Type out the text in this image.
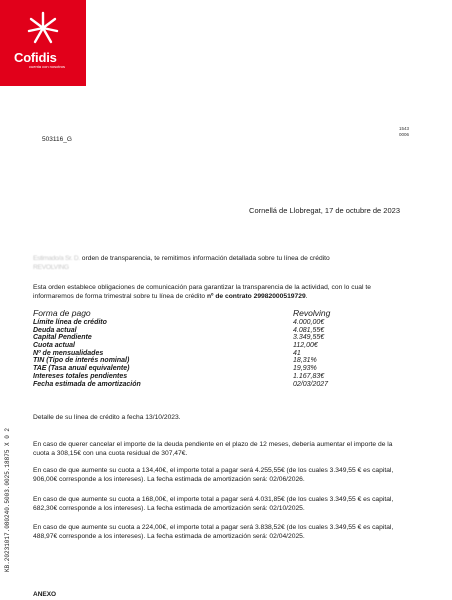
Cofidis
cuenta con nosotros
1543
0006
503116_G
Cornellá de Llobregat, 17 de octubre de 2023
Estimado/a Sr. D. orden de transparencia, te remitimos información detallada sobre tu línea de crédito
REVOLVING
Esta orden establece obligaciones de comunicación para garantizar la transparencia de la actividad, con lo cual te informaremos de forma trimestral sobre tu línea de crédito nº de contrato 29982000519729.
Forma de pago	Revolving
Límite línea de crédito	4.000,00€
Deuda actual	4.081,55€
Capital Pendiente	3.349,55€
Cuota actual	112,00€
Nº de mensualidades	41
TIN (Tipo de interés nominal)	18,31%
TAE (Tasa anual equivalente)	19,93%
Intereses totales pendientes	1.167,83€
Fecha estimada de amortización	02/03/2027
Detalle de su línea de crédito a fecha 13/10/2023.
En caso de querer cancelar el importe de la deuda pendiente en el plazo de 12 meses, debería aumentar el importe de la cuota a 308,15€ con una cuota residual de 307,47€.
En caso de que aumente su cuota a 134,40€, el importe total a pagar será 4.255,55€ (de los cuales 3.349,55 € es capital, 906,00€ corresponde a los intereses). La fecha estimada de amortización será: 02/06/2026.
En caso de que aumente su cuota a 168,00€, el importe total a pagar será 4.031,85€ (de los cuales 3.349,55 € es capital, 682,30€ corresponde a los intereses). La fecha estimada de amortización será: 02/10/2025.
En caso de que aumente su cuota a 224,00€, el importe total a pagar será 3.838,52€ (de los cuales 3.349,55 € es capital, 488,97€ corresponde a los intereses). La fecha estimada de amortización será: 02/04/2025.
KB.20231017.080240.5003.0025.18875 X 0 2
ANEXO
